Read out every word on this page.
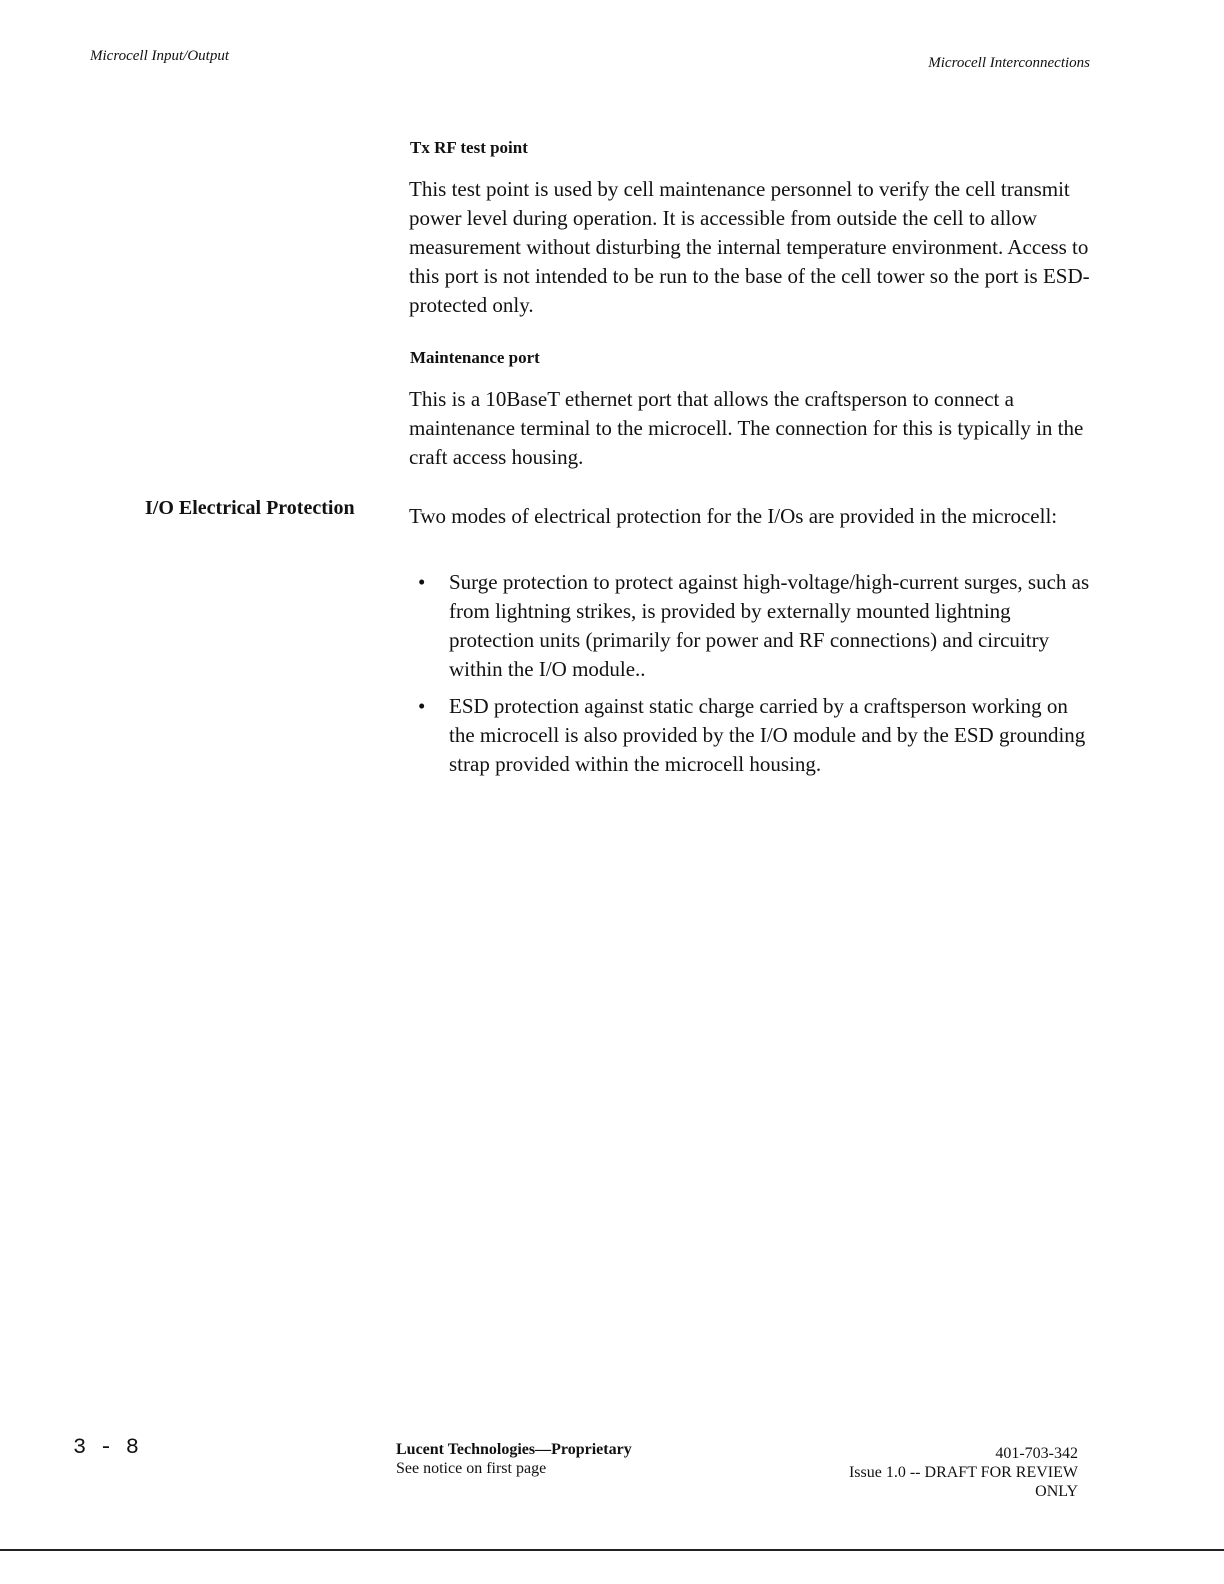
Microcell Input/Output	Microcell Interconnections
Tx RF test point
This test point is used by cell maintenance personnel to verify the cell transmit power level during operation. It is accessible from outside the cell to allow measurement without disturbing the internal temperature environment. Access to this port is not intended to be run to the base of the cell tower so the port is ESD-protected only.
Maintenance port
This is a 10BaseT ethernet port that allows the craftsperson to connect a maintenance terminal to the microcell. The connection for this is typically in the craft access housing.
I/O Electrical Protection	Two modes of electrical protection for the I/Os are provided in the microcell:
• Surge protection to protect against high-voltage/high-current surges, such as from lightning strikes, is provided by externally mounted lightning protection units (primarily for power and RF connections) and circuitry within the I/O module..
• ESD protection against static charge carried by a craftsperson working on the microcell is also provided by the I/O module and by the ESD grounding strap provided within the microcell housing.
3 - 8	Lucent Technologies—Proprietary
See notice on first page
401-703-342
Issue 1.0 -- DRAFT FOR REVIEW
ONLY
